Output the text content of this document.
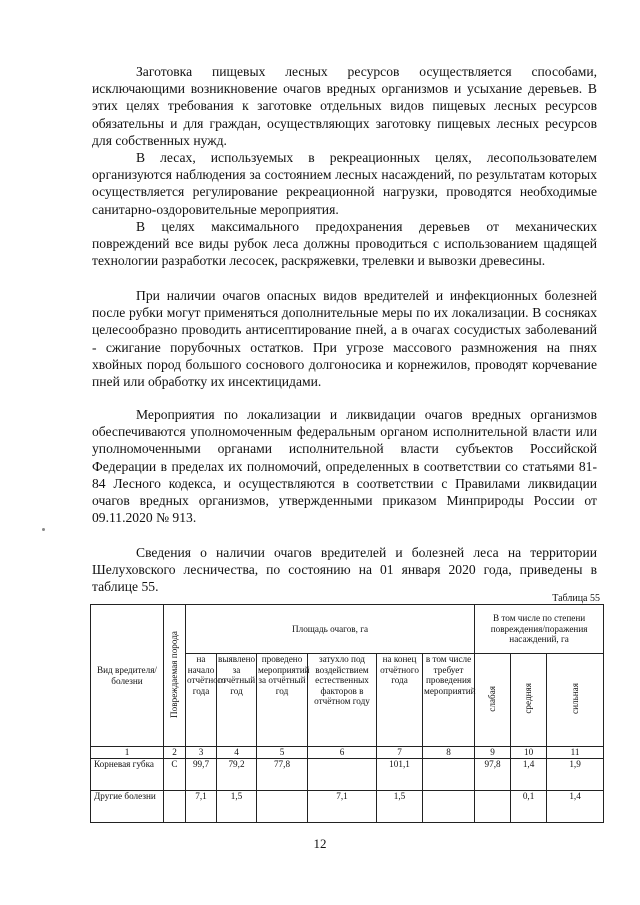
Заготовка пищевых лесных ресурсов осуществляется способами, исключающими возникновение очагов вредных организмов и усыхание деревьев. В этих целях требования к заготовке отдельных видов пищевых лесных ресурсов обязательны и для граждан, осуществляющих заготовку пищевых лесных ресурсов для собственных нужд.

В лесах, используемых в рекреационных целях, лесопользователем организуются наблюдения за состоянием лесных насаждений, по результатам которых осуществляется регулирование рекреационной нагрузки, проводятся необходимые санитарно-оздоровительные мероприятия.

В целях максимального предохранения деревьев от механических повреждений все виды рубок леса должны проводиться с использованием щадящей технологии разработки лесосек, раскряжевки, трелевки и вывозки древесины.

При наличии очагов опасных видов вредителей и инфекционных болезней после рубки могут применяться дополнительные меры по их локализации. В сосняках целесообразно проводить антисептирование пней, а в очагах сосудистых заболеваний - сжигание порубочных остатков. При угрозе массового размножения на пнях хвойных пород большого соснового долгоносика и корнежилов, проводят корчевание пней или обработку их инсектицидами.

Мероприятия по локализации и ликвидации очагов вредных организмов обеспечиваются уполномоченным федеральным органом исполнительной власти или уполномоченными органами исполнительной власти субъектов Российской Федерации в пределах их полномочий, определенных в соответствии со статьями 81-84 Лесного кодекса, и осуществляются в соответствии с Правилами ликвидации очагов вредных организмов, утвержденными приказом Минприроды России от 09.11.2020 № 913.

Сведения о наличии очагов вредителей и болезней леса на территории Шелуховского лесничества, по состоянию на 01 января 2020 года, приведены в таблице 55.

Таблица 55
Вид вредителя/ болезни	Повреждаемая порода	Площадь очагов, га						В том числе по степени повреждения/поражения насаждений, га		
		на начало отчётного года	выявлено за отчётный год	проведено мероприятий за отчётный год	затухло под воздействием естественных факторов в отчётном году	на конец отчётного года	в том числе требует проведения мероприятий	слабая	средняя	сильная
1	2	3	4	5	6	7	8	9	10	11
Корневая губка	С	99,7	79,2	77,8		101,1		97,8	1,4	1,9
Другие болезни		7,1	1,5		7,1	1,5			0,1	1,4
12
